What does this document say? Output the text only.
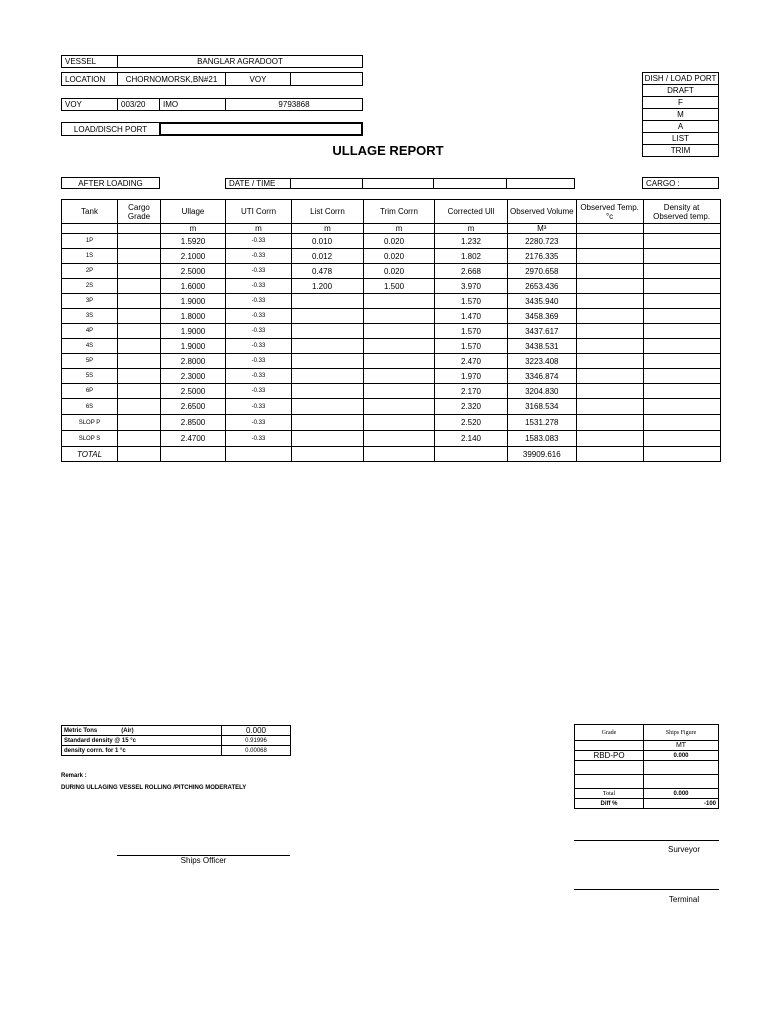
VESSEL	BANGLAR AGRADOOT
LOCATION	CHORNOMORSK,BN#21	VOY
VOY	003/20	IMO	9793868
LOAD/DISCH PORT
ULLAGE REPORT
DISH / LOAD PORT
DRAFT
F
M
A
LIST
TRIM
AFTER LOADING	DATE / TIME	CARGO :
Tank	Cargo Grade	Ullage	UTI Corrn	List Corrn	Trim Corrn	Corrected Ull	Observed Volume	Observed Temp. °c	Density at Observed temp.
		m	m	m	m	m	M³		
1P		1.5920	-0.33	0.010	0.020	1.232	2280.723		
1S		2.1000	-0.33	0.012	0.020	1.802	2176.335		
2P		2.5000	-0.33	0.478	0.020	2.668	2970.658		
2S		1.6000	-0.33	1.200	1.500	3.970	2653.436		
3P		1.9000	-0.33			1.570	3435.940		
3S		1.8000	-0.33			1.470	3458.369		
4P		1.9000	-0.33			1.570	3437.617		
4S		1.9000	-0.33			1.570	3438.531		
5P		2.8000	-0.33			2.470	3223.408		
5S		2.3000	-0.33			1.970	3346.874		
6P		2.5000	-0.33			2.170	3204.830		
6S		2.6500	-0.33			2.320	3168.534		
SLOP P		2.8500	-0.33			2.520	1531.278		
SLOP S		2.4700	-0.33			2.140	1583.083		
TOTAL							39909.616		
Metric Tons (Air)	0.000
Standard density @ 15 °c	0.91996
density corrn. for 1 °c	0.00068
Remark :
DURING ULLAGING VESSEL ROLLING /PITCHING MODERATELY
Grade	Ships Figure
	MT
RBD-PO	0.000

Total	0.000
Diff %	-100
Ships Officer
Surveyor
Terminal
